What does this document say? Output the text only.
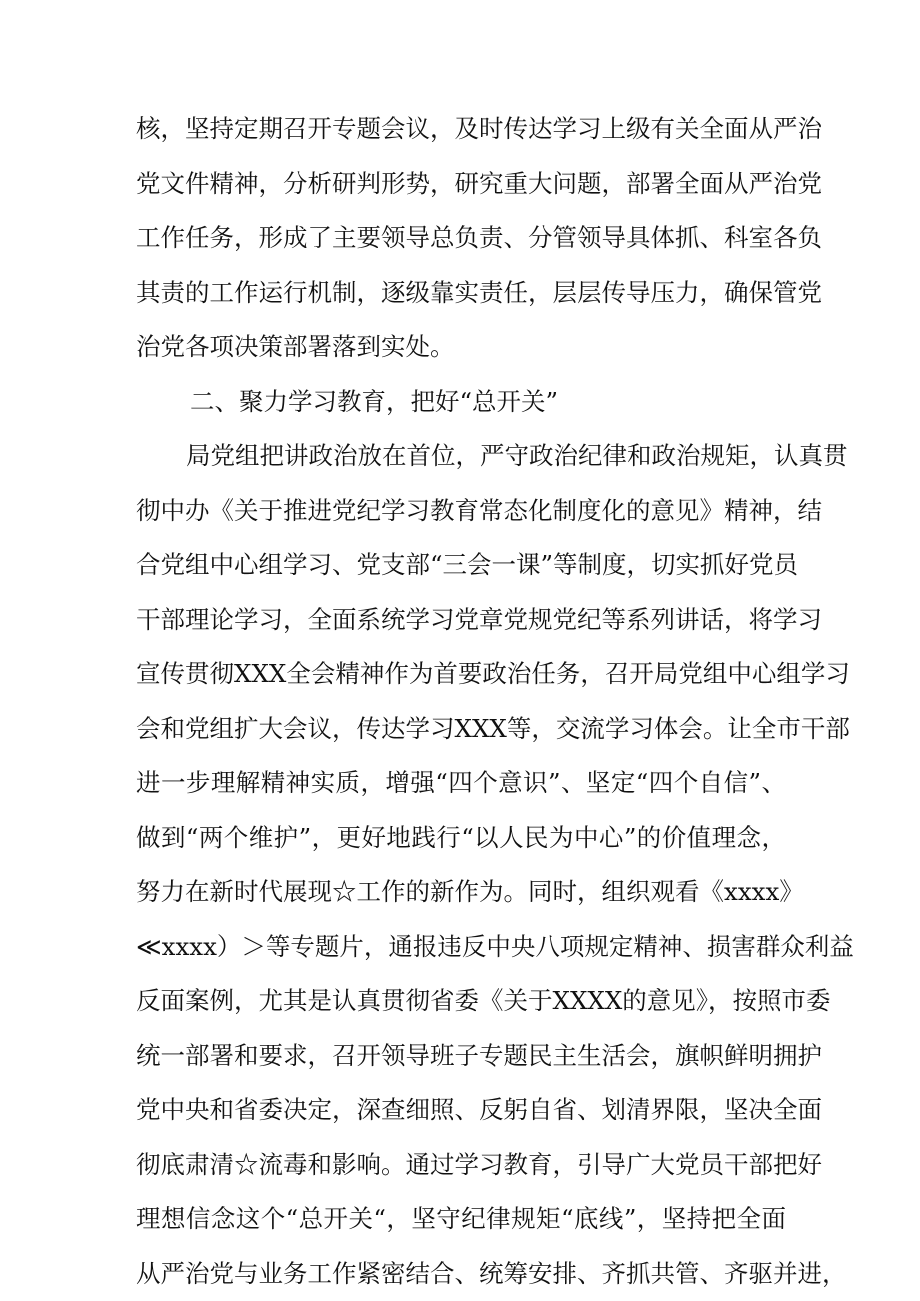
核，坚持定期召开专题会议，及时传达学习上级有关全面从严治
党文件精神，分析研判形势，研究重大问题，部署全面从严治党
工作任务，形成了主要领导总负责、分管领导具体抓、科室各负
其责的工作运行机制，逐级靠实责任，层层传导压力，确保管党
治党各项决策部署落到实处。
二、聚力学习教育，把好“总开关”
局党组把讲政治放在首位，严守政治纪律和政治规矩，认真贯
彻中办《关于推进党纪学习教育常态化制度化的意见》精神，结
合党组中心组学习、党支部“三会一课”等制度，切实抓好党员
干部理论学习，全面系统学习党章党规党纪等系列讲话，将学习
宣传贯彻XXX全会精神作为首要政治任务，召开局党组中心组学习
会和党组扩大会议，传达学习XXX等，交流学习体会。让全市干部
进一步理解精神实质，增强“四个意识”、坚定“四个自信”、
做到“两个维护”，更好地践行“以人民为中心”的价值理念，
努力在新时代展现☆工作的新作为。同时，组织观看《xxxx》
≪xxxx）＞等专题片，通报违反中央八项规定精神、损害群众利益
反面案例，尤其是认真贯彻省委《关于XXXX的意见》，按照市委
统一部署和要求，召开领导班子专题民主生活会，旗帜鲜明拥护
党中央和省委决定，深查细照、反躬自省、划清界限，坚决全面
彻底肃清☆流毒和影响。通过学习教育，引导广大党员干部把好
理想信念这个“总开关“，坚守纪律规矩“底线”，坚持把全面
从严治党与业务工作紧密结合、统筹安排、齐抓共管、齐驱并进，
